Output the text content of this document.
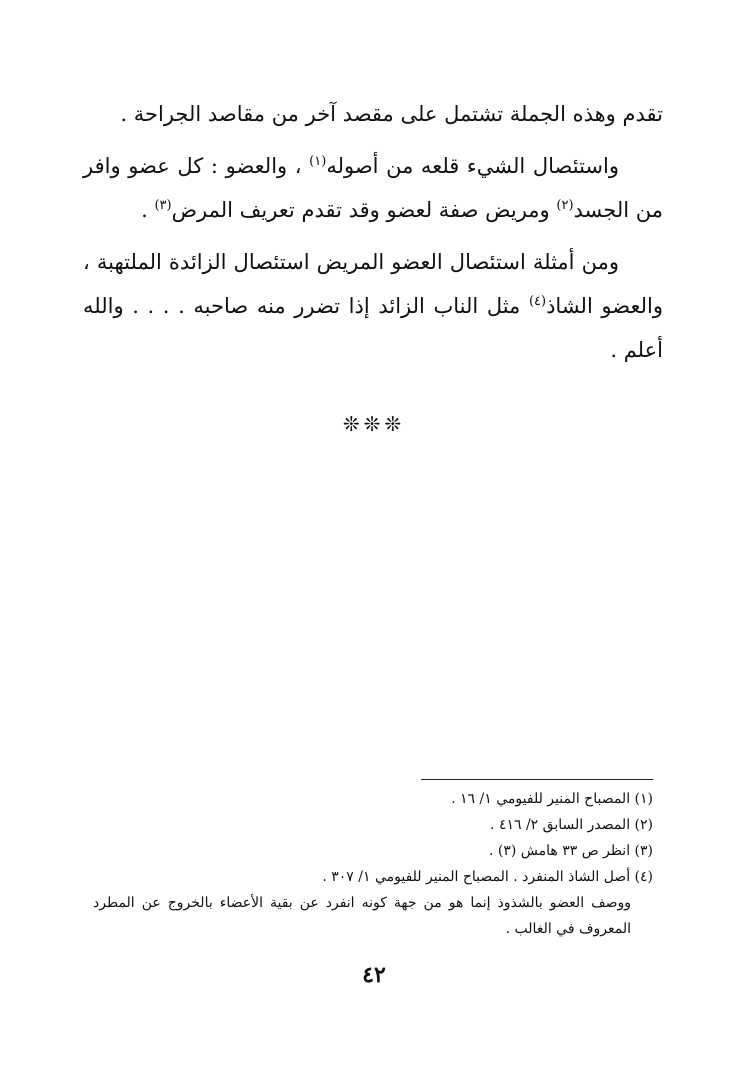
تقدم وهذه الجملة تشتمل على مقصد آخر من مقاصد الجراحة .

واستئصال الشيء قلعه من أصوله$^{(١)}$ ، والعضو : كل عضو وافر من الجسد$^{(٢)}$ ومريض صفة لعضو وقد تقدم تعريف المرض$^{(٣)}$ .

ومن أمثلة استئصال العضو المريض استئصال الزائدة الملتهبة ، والعضو الشاذ$^{(٤)}$ مثل الناب الزائد إذا تضرر منه صاحبه . . . . والله أعلم .

❊❊❊

(١) المصباح المنير للفيومي ١/ ١٦ .

(٢) المصدر السابق ٢/ ٤١٦ .

(٣) انظر ص ٣٣ هامش (٣) .

(٤) أصل الشاذ المنفرد . المصباح المنير للفيومي ١/ ٣٠٧ .

ووصف العضو بالشذوذ إنما هو من جهة كونه انفرد عن بقية الأعضاء بالخروج عن المطرد المعروف في الغالب .

٤٢
